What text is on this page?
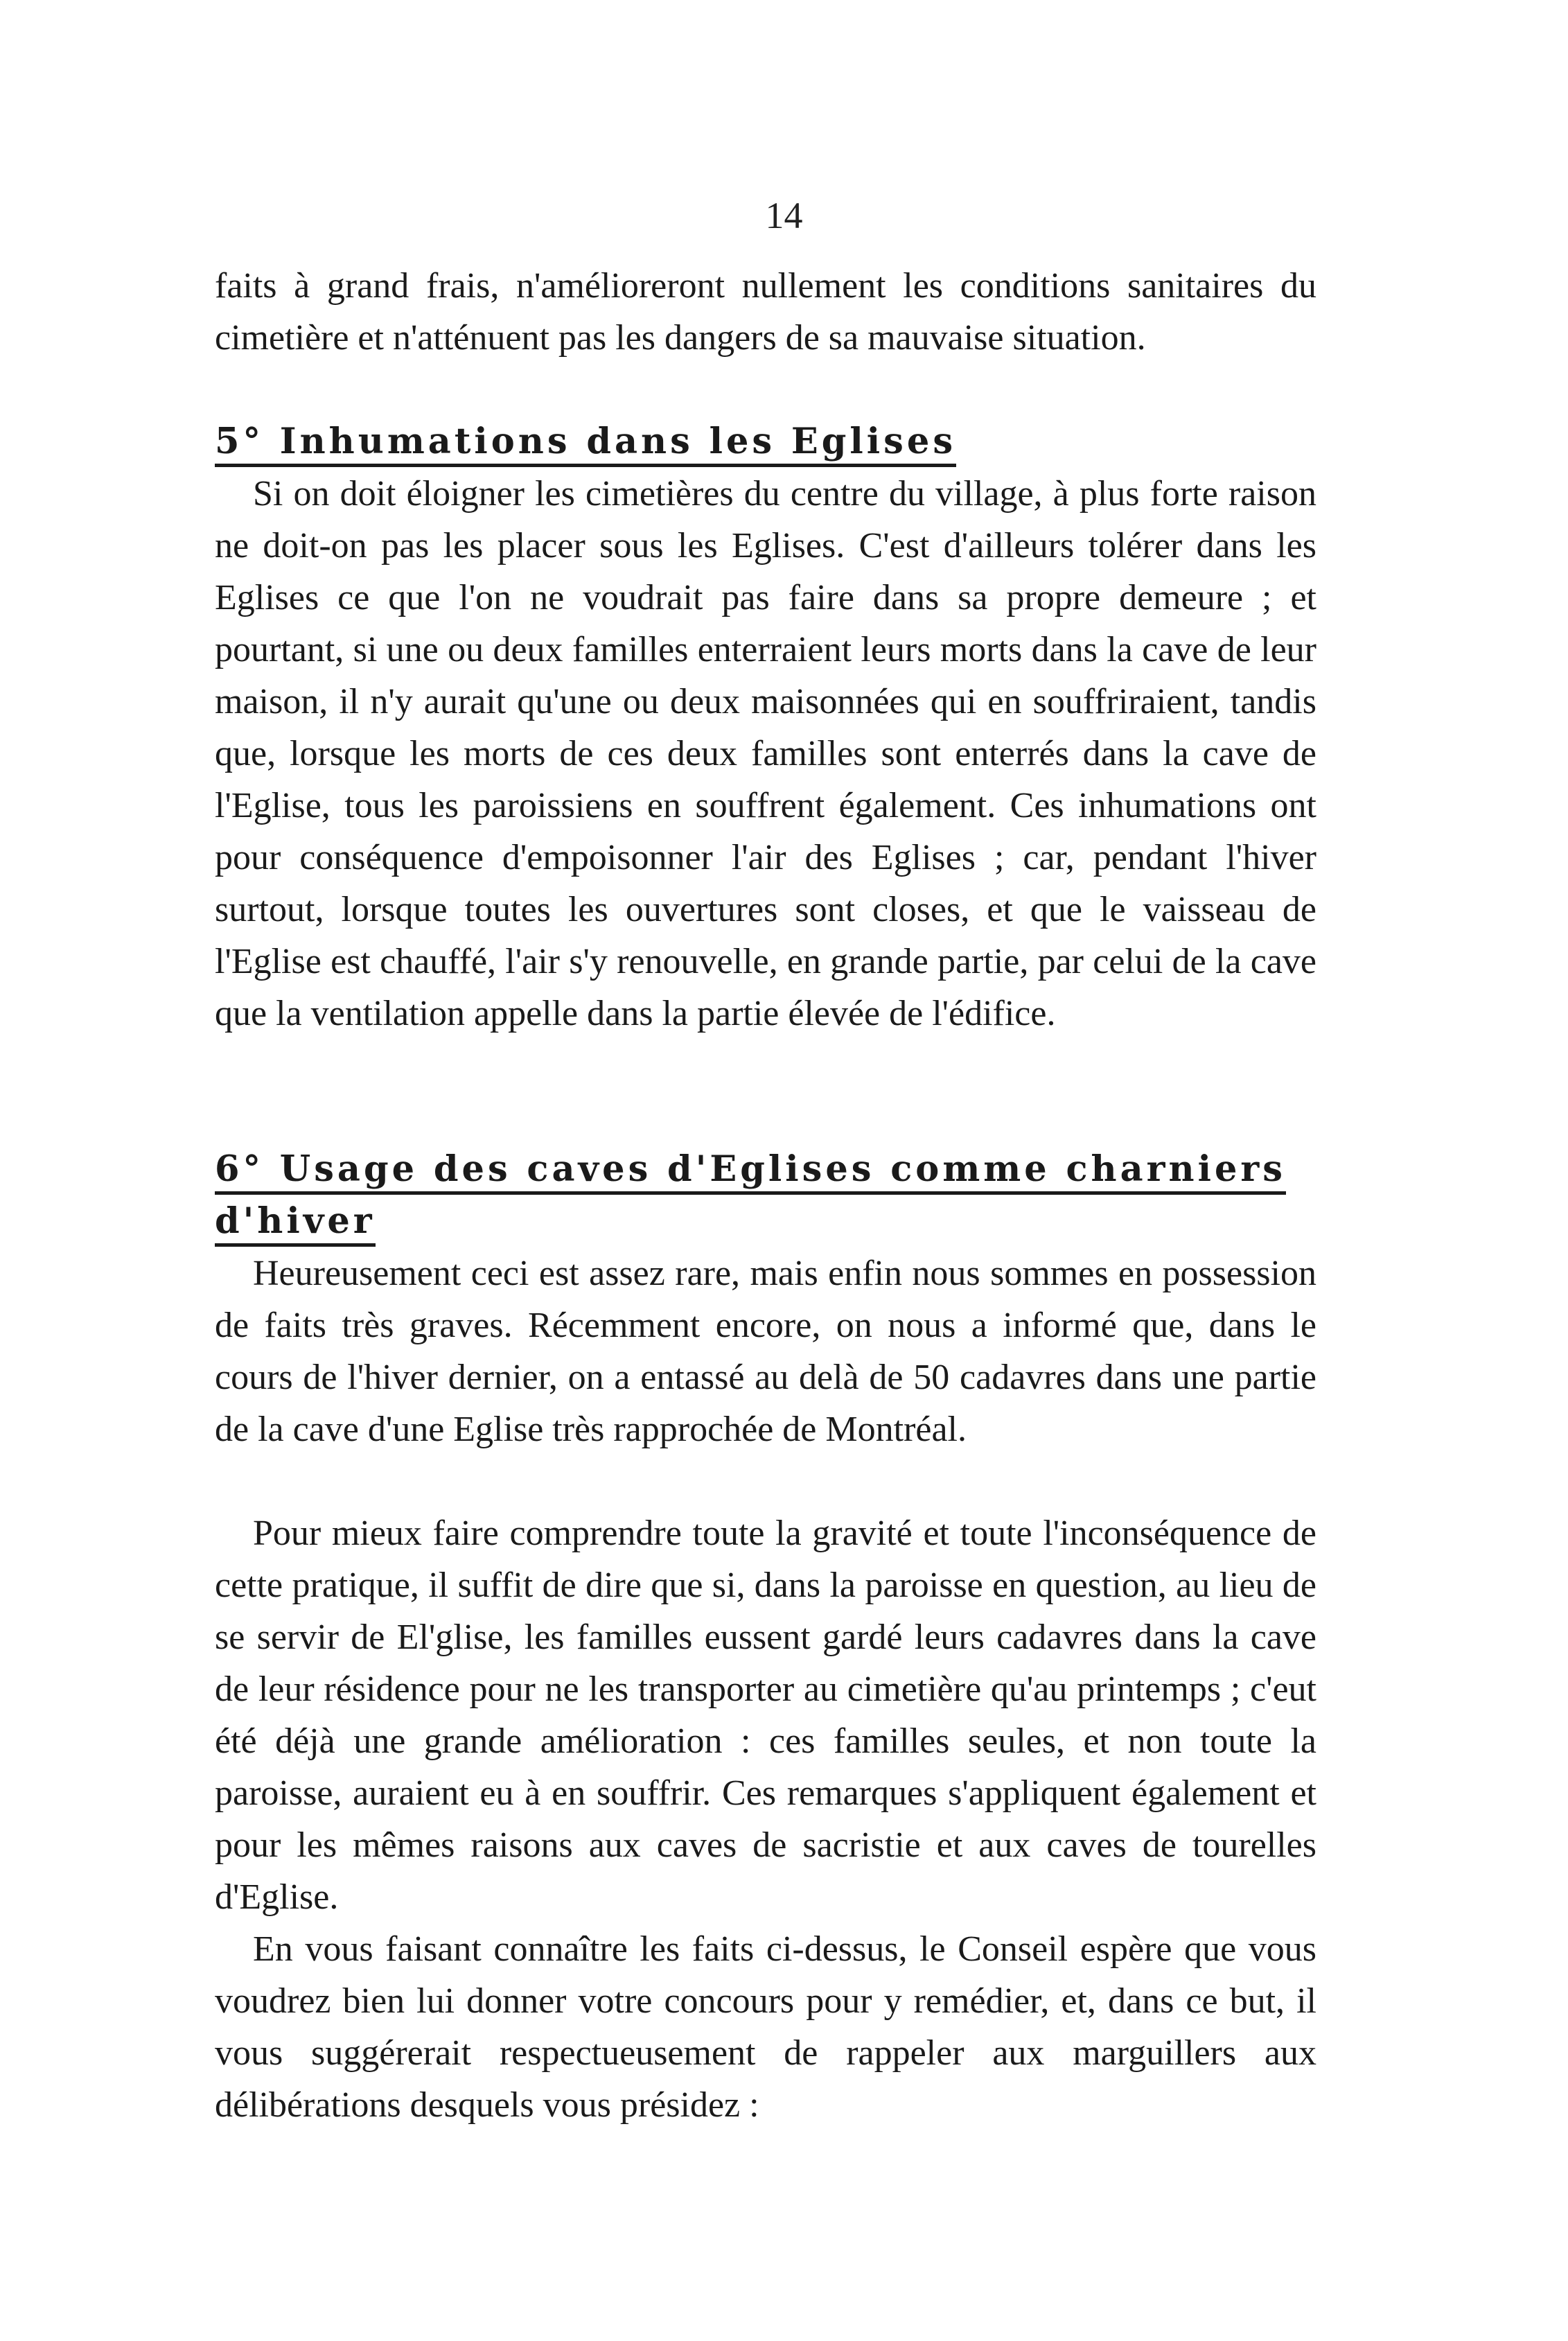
14

faits à grand frais, n'amélioreront nullement les conditions sanitaires du cimetière et n'atténuent pas les dangers de sa mauvaise situation.

5° Inhumations dans les Eglises

Si on doit éloigner les cimetières du centre du village, à plus forte raison ne doit-on pas les placer sous les Eglises. C'est d'ailleurs tolérer dans les Eglises ce que l'on ne voudrait pas faire dans sa propre demeure ; et pourtant, si une ou deux familles enterraient leurs morts dans la cave de leur maison, il n'y aurait qu'une ou deux maisonnées qui en souffriraient, tandis que, lorsque les morts de ces deux familles sont enterrés dans la cave de l'Eglise, tous les paroissiens en souffrent également. Ces inhumations ont pour conséquence d'empoisonner l'air des Eglises ; car, pendant l'hiver surtout, lorsque toutes les ouvertures sont closes, et que le vaisseau de l'Eglise est chauffé, l'air s'y renouvelle, en grande partie, par celui de la cave que la ventilation appelle dans la partie élevée de l'édifice.

6° Usage des caves d'Eglises comme charniers

d'hiver

Heureusement ceci est assez rare, mais enfin nous sommes en possession de faits très graves. Récemment encore, on nous a informé que, dans le cours de l'hiver dernier, on a entassé au delà de 50 cadavres dans une partie de la cave d'une Eglise très rapprochée de Montréal.

Pour mieux faire comprendre toute la gravité et toute l'inconséquence de cette pratique, il suffit de dire que si, dans la paroisse en question, au lieu de se servir de El'glise, les familles eussent gardé leurs cadavres dans la cave de leur résidence pour ne les transporter au cimetière qu'au printemps ; c'eut été déjà une grande amélioration : ces familles seules, et non toute la paroisse, auraient eu à en souffrir. Ces remarques s'appliquent également et pour les mêmes raisons aux caves de sacristie et aux caves de tourelles d'Eglise.

En vous faisant connaître les faits ci-dessus, le Conseil espère que vous voudrez bien lui donner votre concours pour y remédier, et, dans ce but, il vous suggérerait respectueusement de rappeler aux marguillers aux délibérations desquels vous présidez :
